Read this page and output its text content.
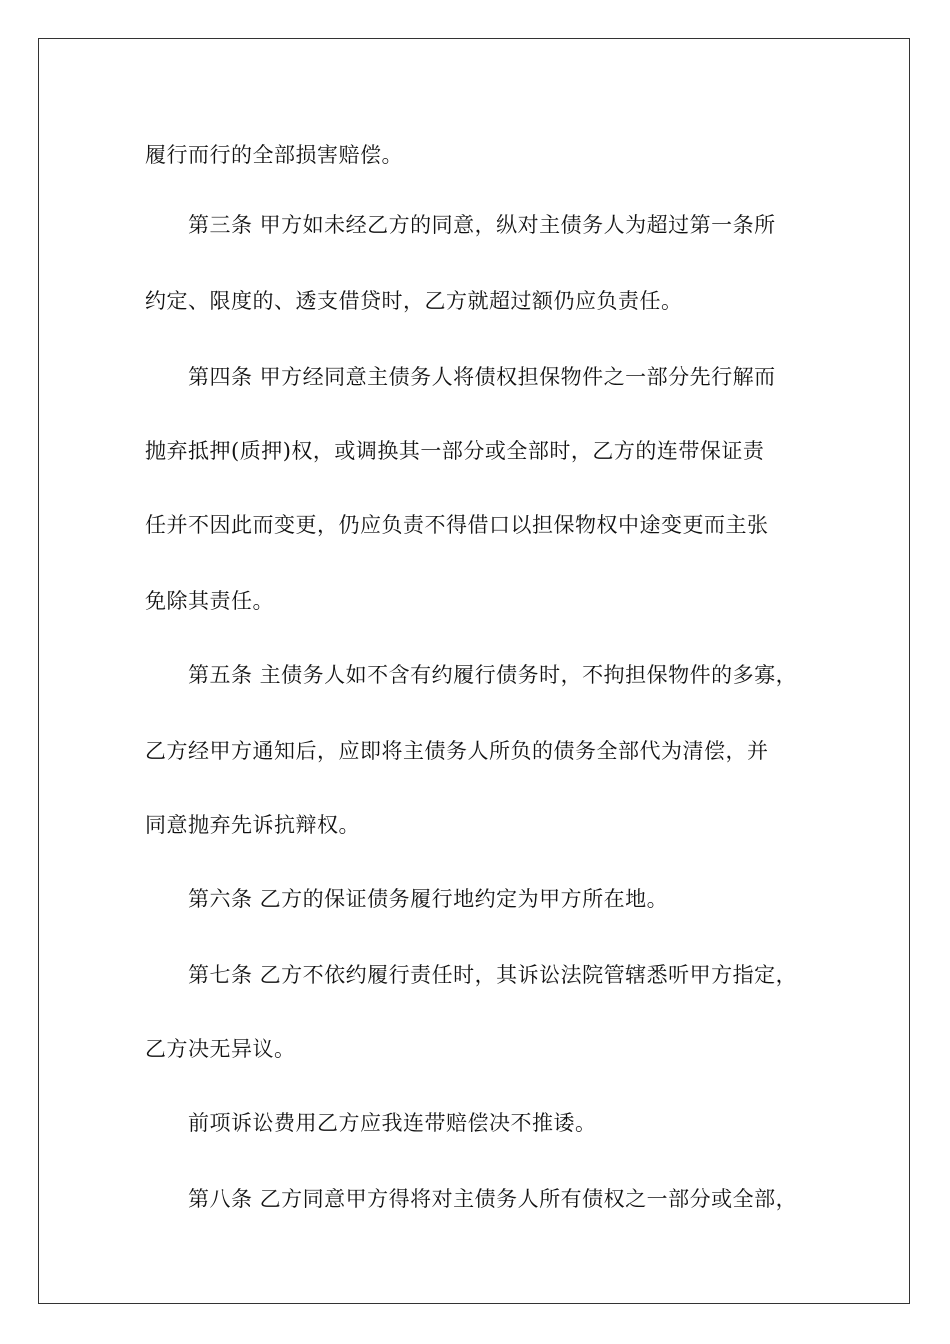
履行而行的全部损害赔偿。
第三条 甲方如未经乙方的同意，纵对主债务人为超过第一条所
约定、限度的、透支借贷时，乙方就超过额仍应负责任。
第四条 甲方经同意主债务人将债权担保物件之一部分先行解而
抛弃抵押(质押)权，或调换其一部分或全部时，乙方的连带保证责
任并不因此而变更，仍应负责不得借口以担保物权中途变更而主张
免除其责任。
第五条 主债务人如不含有约履行债务时，不拘担保物件的多寡，
乙方经甲方通知后，应即将主债务人所负的债务全部代为清偿，并
同意抛弃先诉抗辩权。
第六条 乙方的保证债务履行地约定为甲方所在地。
第七条 乙方不依约履行责任时，其诉讼法院管辖悉听甲方指定，
乙方决无异议。
前项诉讼费用乙方应我连带赔偿决不推诿。
第八条 乙方同意甲方得将对主债务人所有债权之一部分或全部，
